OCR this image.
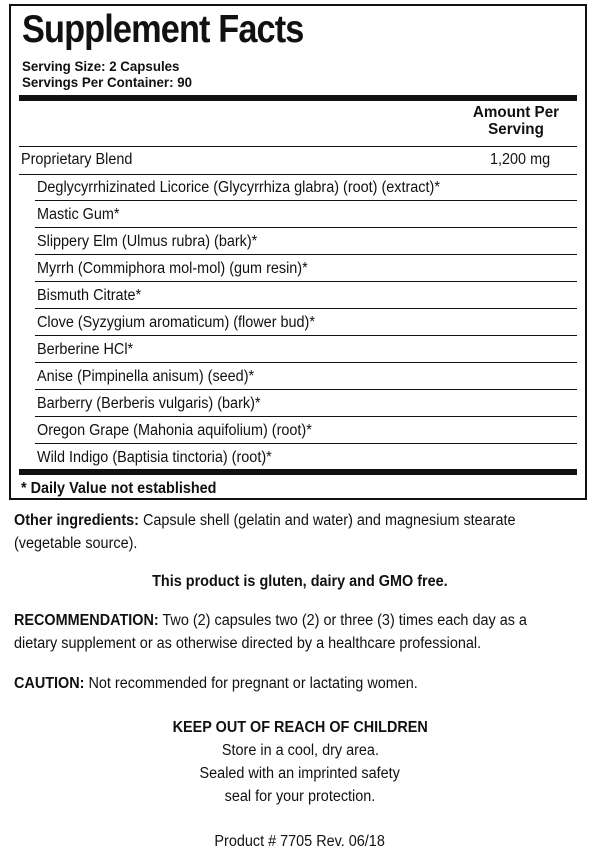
Supplement Facts
Serving Size: 2 Capsules
Servings Per Container: 90
Amount Per
Serving
Proprietary Blend	1,200 mg
Deglycyrrhizinated Licorice (Glycyrrhiza glabra) (root) (extract)*
Mastic Gum*
Slippery Elm (Ulmus rubra) (bark)*
Myrrh (Commiphora mol-mol) (gum resin)*
Bismuth Citrate*
Clove (Syzygium aromaticum) (flower bud)*
Berberine HCl*
Anise (Pimpinella anisum) (seed)*
Barberry (Berberis vulgaris) (bark)*
Oregon Grape (Mahonia aquifolium) (root)*
Wild Indigo (Baptisia tinctoria) (root)*
* Daily Value not established
Other ingredients: Capsule shell (gelatin and water) and magnesium stearate (vegetable source).
This product is gluten, dairy and GMO free.
RECOMMENDATION: Two (2) capsules two (2) or three (3) times each day as a dietary supplement or as otherwise directed by a healthcare professional.
CAUTION: Not recommended for pregnant or lactating women.
KEEP OUT OF REACH OF CHILDREN
Store in a cool, dry area.
Sealed with an imprinted safety
seal for your protection.
Product # 7705 Rev. 06/18
